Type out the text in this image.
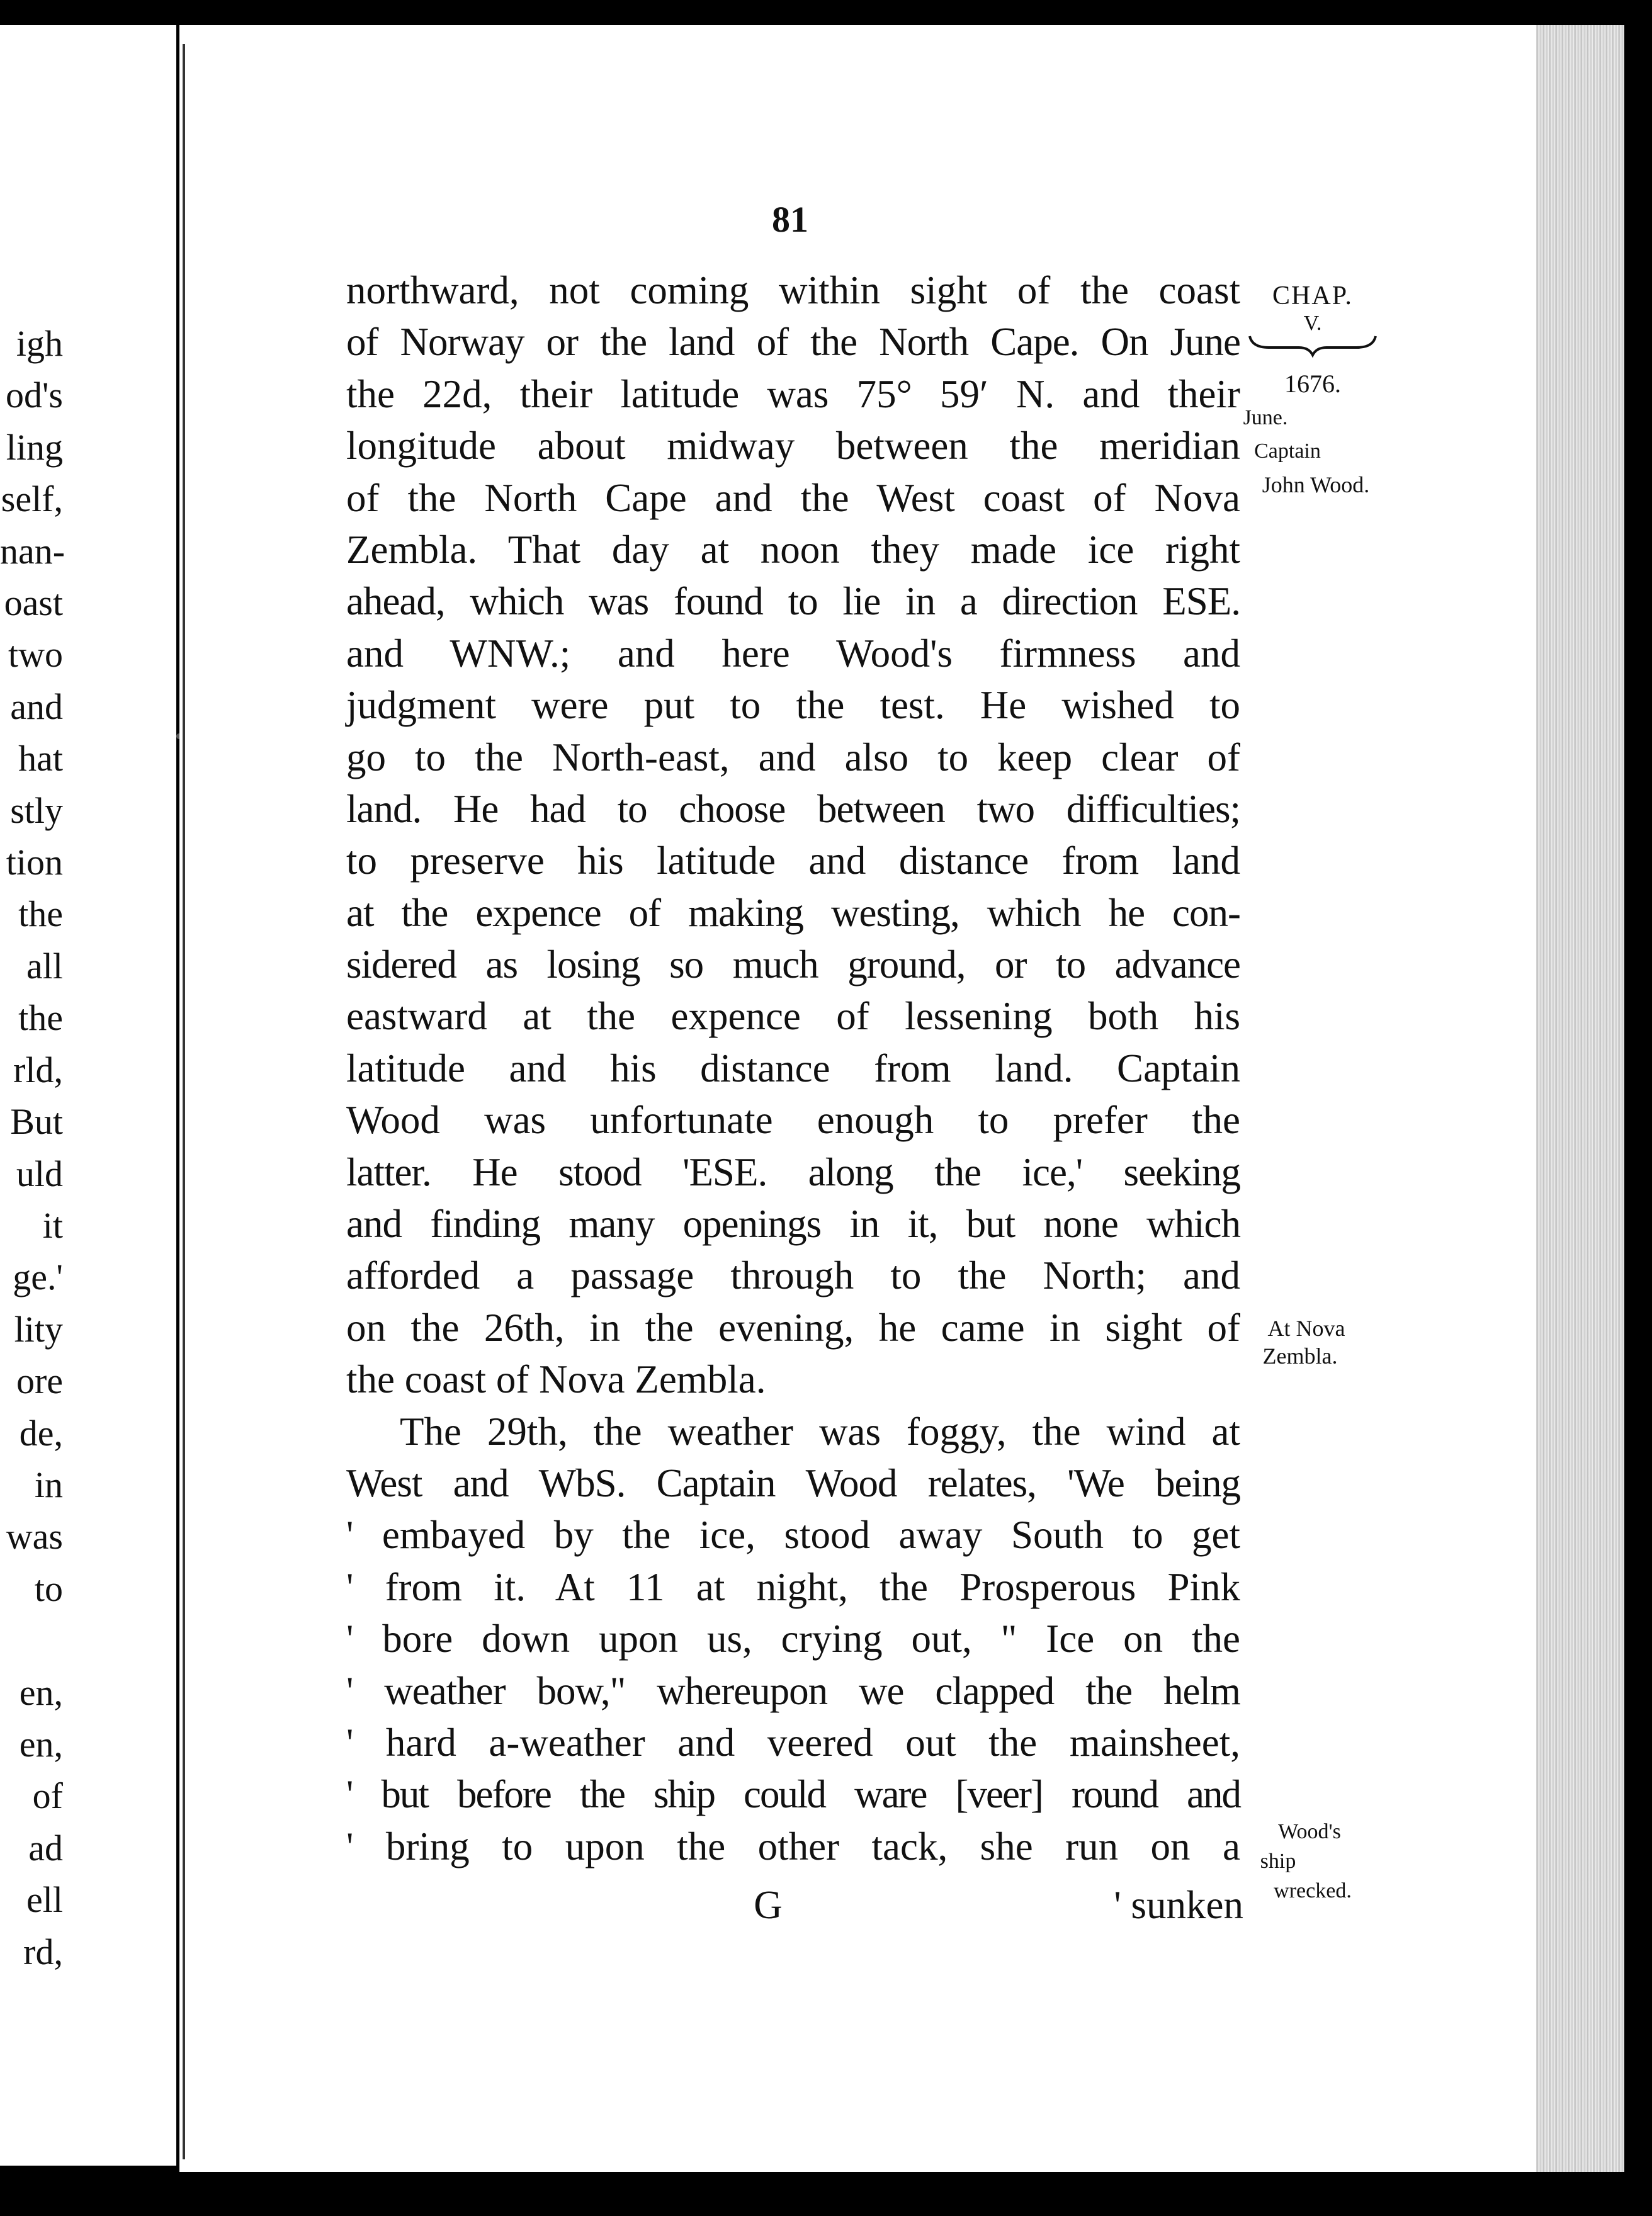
igh
od's
ling
self,
nan-
oast
two
and
hat
stly
tion
the
all
the
rld,
But
uld
it
ge.'
lity
ore
de,
in
was
to

en,
en,
of
ad
ell
rd,
81
northward, not coming within sight of the coast
of Norway or the land of the North Cape. On June
the 22d, their latitude was 75° 59′ N. and their
longitude about midway between the meridian
of the North Cape and the West coast of Nova
Zembla. That day at noon they made ice right
ahead, which was found to lie in a direction ESE.
and WNW.; and here Wood's firmness and
judgment were put to the test. He wished to
go to the North-east, and also to keep clear of
land. He had to choose between two difficulties;
to preserve his latitude and distance from land
at the expence of making westing, which he con-
sidered as losing so much ground, or to advance
eastward at the expence of lessening both his
latitude and his distance from land. Captain
Wood was unfortunate enough to prefer the
latter. He stood 'ESE. along the ice,' seeking
and finding many openings in it, but none which
afforded a passage through to the North; and
on the 26th, in the evening, he came in sight of
the coast of Nova Zembla.
The 29th, the weather was foggy, the wind at
West and WbS. Captain Wood relates, 'We being
' embayed by the ice, stood away South to get
' from it. At 11 at night, the Prosperous Pink
' bore down upon us, crying out, " Ice on the
' weather bow," whereupon we clapped the helm
' hard a-weather and veered out the mainsheet,
' but before the ship could ware [veer] round and
' bring to upon the other tack, she run on a
CHAP.
V.
1676.
June.
Captain
John Wood.
At Nova
Zembla.
Wood's
ship
wrecked.
G	' sunken
